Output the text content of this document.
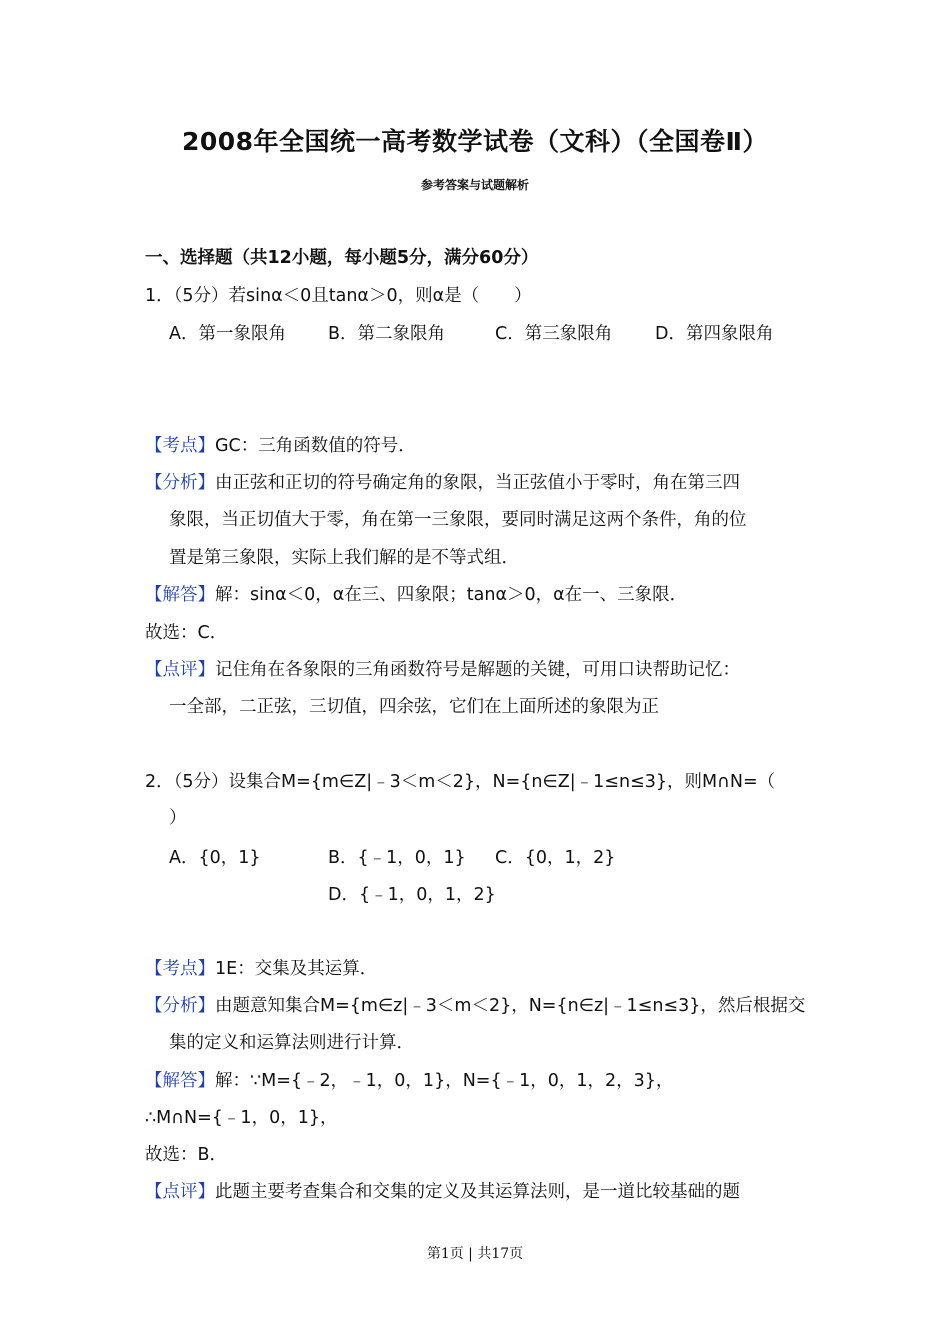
2008年全国统一高考数学试卷（文科）（全国卷Ⅱ）
参考答案与试题解析
一、选择题（共12小题，每小题5分，满分60分）
1．（5分）若sinα＜0且tanα＞0，则α是（　　）
A．第一象限角 B．第二象限角	C．第三象限角 D．第四象限角
【考点】GC：三角函数值的符号．
【分析】由正弦和正切的符号确定角的象限，当正弦值小于零时，角在第三四
象限，当正切值大于零，角在第一三象限，要同时满足这两个条件，角的位
置是第三象限，实际上我们解的是不等式组．
【解答】解：sinα＜0，α在三、四象限；tanα＞0，α在一、三象限．
故选：C．
【点评】记住角在各象限的三角函数符号是解题的关键，可用口诀帮助记忆：
一全部，二正弦，三切值，四余弦，它们在上面所述的象限为正
2．（5分）设集合M={m∈Z|﹣3＜m＜2}，N={n∈Z|﹣1≤n≤3}，则M∩N=（
）
A．{0，1}	B．{﹣1，0，1} C．{0，1，2}
D．{﹣1，0，1，2}
【考点】1E：交集及其运算．
【分析】由题意知集合M={m∈z|﹣3＜m＜2}，N={n∈z|﹣1≤n≤3}，然后根据交
集的定义和运算法则进行计算．
【解答】解：∵M={﹣2，﹣1，0，1}，N={﹣1，0，1，2，3}，
∴M∩N={﹣1，0，1}，
故选：B．
【点评】此题主要考查集合和交集的定义及其运算法则，是一道比较基础的题
第1页 | 共17页
